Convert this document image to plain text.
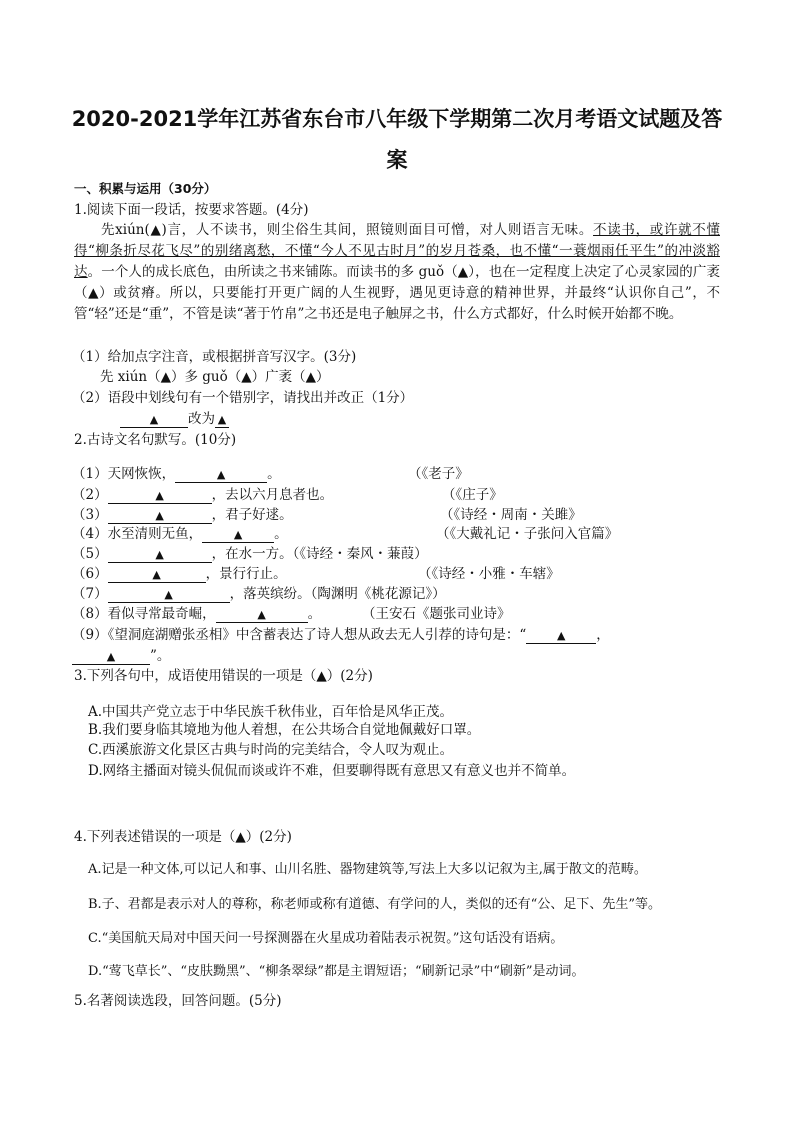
2020-2021学年江苏省东台市八年级下学期第二次月考语文试题及答
案
一、积累与运用（30分）
1.阅读下面一段话，按要求答题。(4分)
先xiún(▲)言，人不读书，则尘俗生其间，照镜则面目可憎，对人则语言无味。不读书，或许就不懂得“柳条折尽花飞尽”的别绪离愁，不懂“今人不见古时月”的岁月苍桑，也不懂“一蓑烟雨任平生”的冲淡豁达。一个人的成长底色，由所读之书来铺陈。而读书的多 guǒ（▲），也在一定程度上决定了心灵家园的广袤（▲）或贫瘠。所以，只要能打开更广阔的人生视野，遇见更诗意的精神世界，并最终“认识你自己”，不管“轻”还是“重”，不管是读“著于竹帛”之书还是电子触屏之书，什么方式都好，什么时候开始都不晚。
（1）给加点字注音，或根据拼音写汉字。(3分)
先 xiún（▲）多 guǒ（▲）广袤（▲）
（2）语段中划线句有一个错别字，请找出并改正（1分）
▲ 改为 ▲
2.古诗文名句默写。(10分)
（1）天网恢恢，	▲	。	（《老子》
（2）	▲	，去以六月息者也。	（《庄子》
（3）	▲	，君子好逑。	（《诗经・周南・关雎》
（4）水至清则无鱼，	▲ 。	（《大戴礼记・子张问入官篇》
（5）	▲	，在水一方。（《诗经・秦风・蒹葭）
（6）	▲	，景行行止。	（《诗经・小雅・车辖》
（7）	▲	，落英缤纷。（陶渊明《桃花源记》）
（8）看似寻常最奇崛，	▲	。	（王安石《题张司业诗》
（9）《望洞庭湖赠张丞相》中含蓄表达了诗人想从政去无人引荐的诗句是：“	▲ ，
▲	”。
3.下列各句中，成语使用错误的一项是（▲）(2分)
A.中国共产党立志于中华民族千秋伟业，百年恰是风华正茂。
B.我们要身临其境地为他人着想，在公共场合自觉地佩戴好口罩。
C.西溪旅游文化景区古典与时尚的完美结合，令人叹为观止。
D.网络主播面对镜头侃侃而谈或许不难，但要聊得既有意思又有意义也并不简单。
4.下列表述错误的一项是（▲）(2分)
A.记是一种文体,可以记人和事、山川名胜、器物建筑等,写法上大多以记叙为主,属于散文的范畴。
B.子、君都是表示对人的尊称，称老师或称有道德、有学问的人，类似的还有“公、足下、先生”等。
C.“美国航天局对中国天问一号探测器在火星成功着陆表示祝贺。”这句话没有语病。
D.“莺飞草长”、“皮肤黝黑”、“柳条翠绿”都是主谓短语；“刷新记录”中“刷新”是动词。
5.名著阅读选段，回答问题。(5分)
